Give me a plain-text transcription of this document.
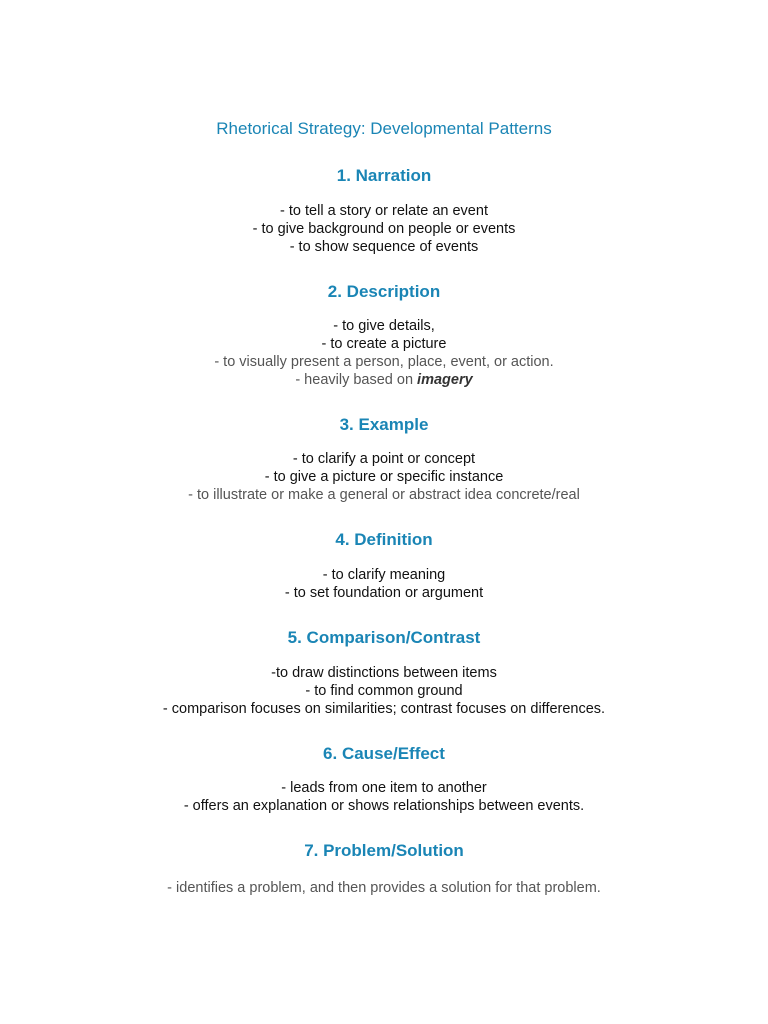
Rhetorical Strategy: Developmental Patterns
1. Narration

- to tell a story or relate an event

- to give background on people or events

- to show sequence of events

2. Description

- to give details,

- to create a picture

- to visually present a person, place, event, or action.

- heavily based on imagery

3. Example

- to clarify a point or concept

- to give a picture or specific instance

- to illustrate or make a general or abstract idea concrete/real

4. Definition

- to clarify meaning

- to set foundation or argument

5. Comparison/Contrast

-to draw distinctions between items

- to find common ground

- comparison focuses on similarities; contrast focuses on differences.

6. Cause/Effect

- leads from one item to another

- offers an explanation or shows relationships between events.

7. Problem/Solution

- identifies a problem, and then provides a solution for that problem.
